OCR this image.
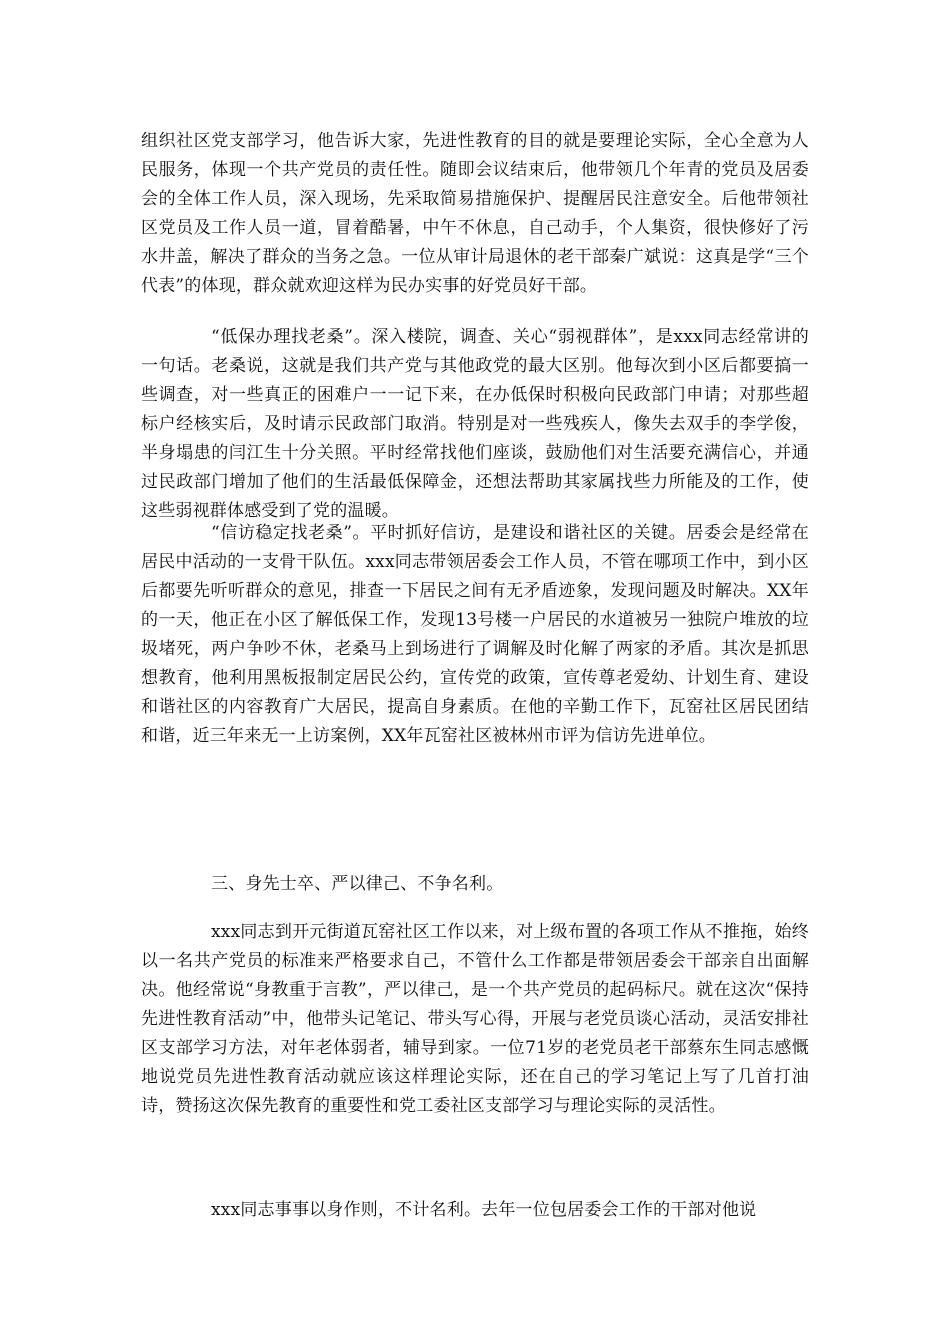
组织社区党支部学习，他告诉大家，先进性教育的目的就是要理论实际，全心全意为人民服务，体现一个共产党员的责任性。随即会议结束后，他带领几个年青的党员及居委会的全体工作人员，深入现场，先采取简易措施保护、提醒居民注意安全。后他带领社区党员及工作人员一道，冒着酷暑，中午不休息，自己动手，个人集资，很快修好了污水井盖，解决了群众的当务之急。一位从审计局退休的老干部秦广斌说：这真是学“三个代表”的体现，群众就欢迎这样为民办实事的好党员好干部。

“低保办理找老桑”。深入楼院，调查、关心“弱视群体”，是xxx同志经常讲的一句话。老桑说，这就是我们共产党与其他政党的最大区别。他每次到小区后都要搞一些调查，对一些真正的困难户一一记下来，在办低保时积极向民政部门申请；对那些超标户经核实后，及时请示民政部门取消。特别是对一些残疾人，像失去双手的李学俊，半身塌患的闫江生十分关照。平时经常找他们座谈，鼓励他们对生活要充满信心，并通过民政部门增加了他们的生活最低保障金，还想法帮助其家属找些力所能及的工作，使这些弱视群体感受到了党的温暖。

“信访稳定找老桑”。平时抓好信访，是建设和谐社区的关键。居委会是经常在居民中活动的一支骨干队伍。xxx同志带领居委会工作人员，不管在哪项工作中，到小区后都要先听听群众的意见，排查一下居民之间有无矛盾迹象，发现问题及时解决。XX年的一天，他正在小区了解低保工作，发现13号楼一户居民的水道被另一独院户堆放的垃圾堵死，两户争吵不休，老桑马上到场进行了调解及时化解了两家的矛盾。其次是抓思想教育，他利用黑板报制定居民公约，宣传党的政策，宣传尊老爱幼、计划生育、建设和谐社区的内容教育广大居民，提高自身素质。在他的辛勤工作下，瓦窑社区居民团结和谐，近三年来无一上访案例，XX年瓦窑社区被林州市评为信访先进单位。

三、身先士卒、严以律己、不争名利。

xxx同志到开元街道瓦窑社区工作以来，对上级布置的各项工作从不推拖，始终以一名共产党员的标准来严格要求自己，不管什么工作都是带领居委会干部亲自出面解决。他经常说“身教重于言教”，严以律己，是一个共产党员的起码标尺。就在这次“保持先进性教育活动”中，他带头记笔记、带头写心得，开展与老党员谈心活动，灵活安排社区支部学习方法，对年老体弱者，辅导到家。一位71岁的老党员老干部蔡东生同志感慨地说党员先进性教育活动就应该这样理论实际，还在自己的学习笔记上写了几首打油诗，赞扬这次保先教育的重要性和党工委社区支部学习与理论实际的灵活性。

xxx同志事事以身作则，不计名利。去年一位包居委会工作的干部对他说
